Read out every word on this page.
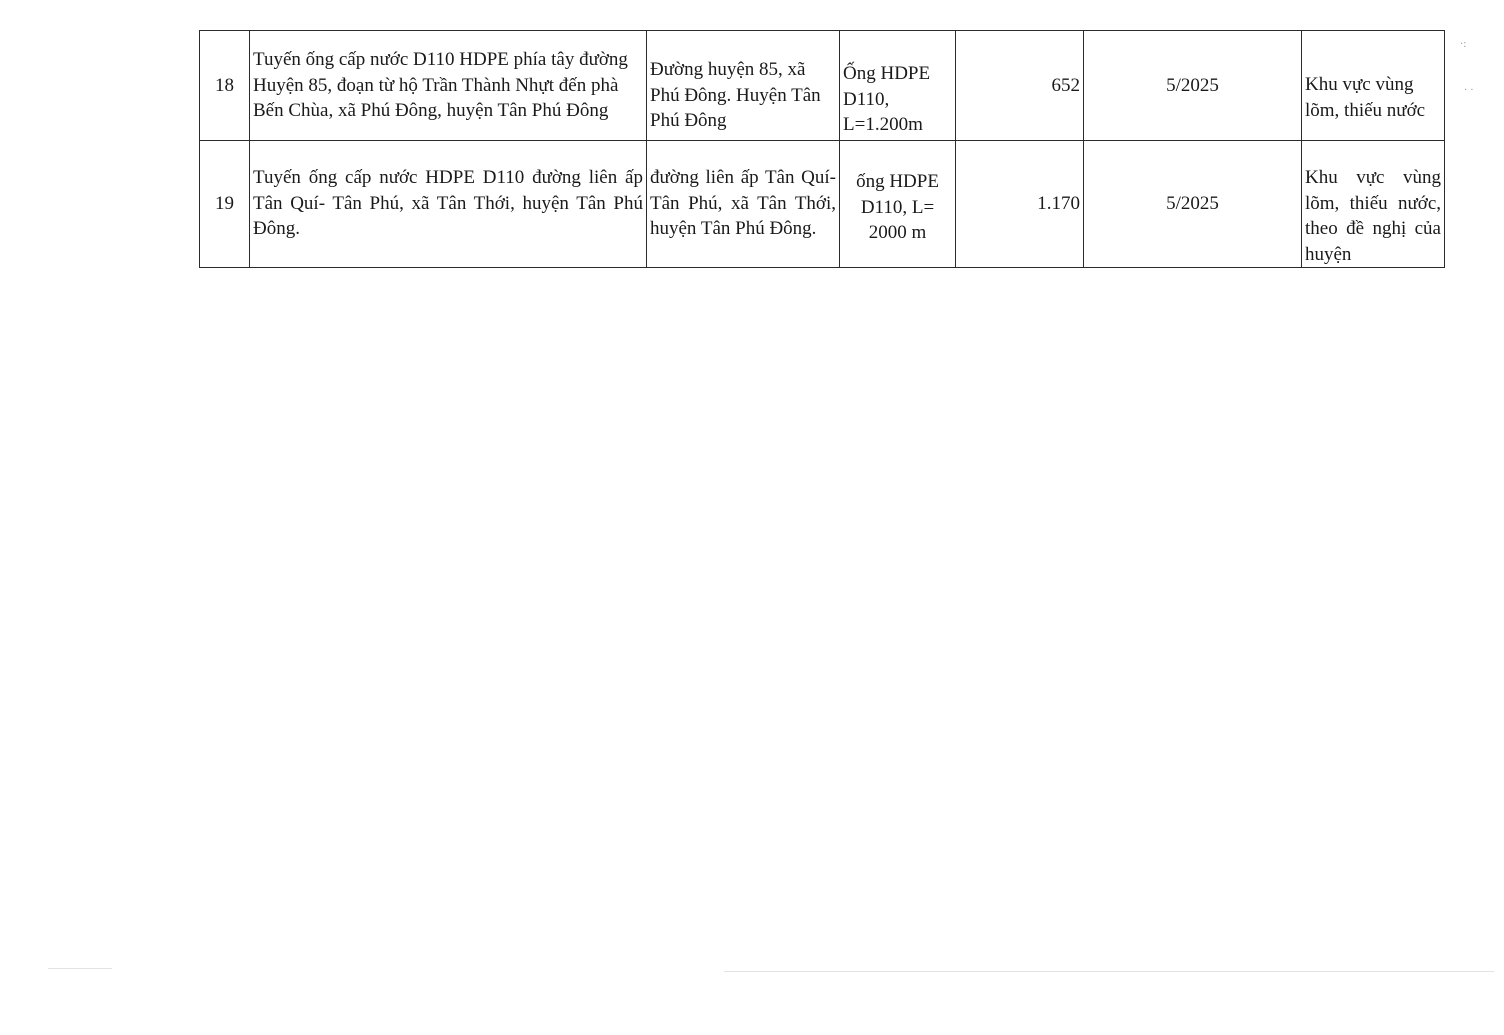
18	Tuyến ống cấp nước D110 HDPE phía tây đường Huyện 85, đoạn từ hộ Trần Thành Nhựt đến phà Bến Chùa, xã Phú Đông, huyện Tân Phú Đông	Đường huyện 85, xã Phú Đông. Huyện Tân Phú Đông	Ống HDPE D110, L=1.200m	652	5/2025	Khu vực vùng lõm, thiếu nước
19	Tuyến ống cấp nước HDPE D110 đường liên ấp Tân Quí- Tân Phú, xã Tân Thới, huyện Tân Phú Đông.	đường liên ấp Tân Quí- Tân Phú, xã Tân Thới, huyện Tân Phú Đông.	ống HDPE D110, L= 2000 m	1.170	5/2025	Khu vực vùng lõm, thiếu nước, theo đề nghị của huyện
·:
· ·
